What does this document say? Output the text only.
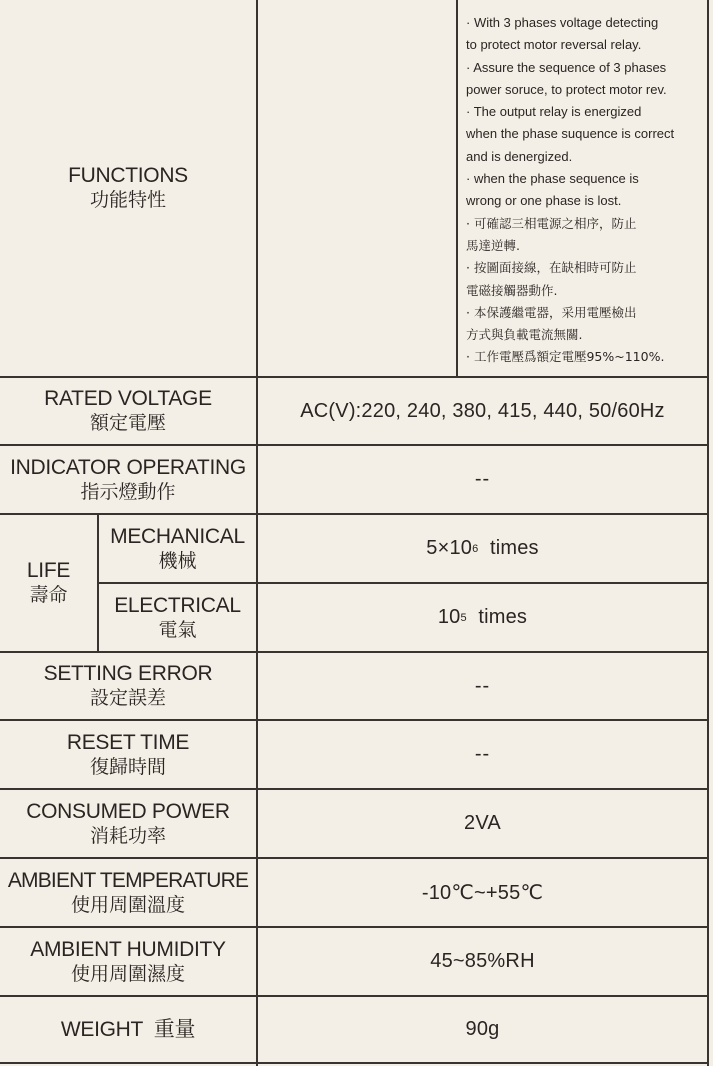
FUNCTIONS
功能特性

· With 3 phases voltage detecting

to protect motor reversal relay.

· Assure the sequence of 3 phases

power soruce, to protect motor rev.

· The output relay is energized

when the phase suquence is correct

and is denergized.

· when the phase sequence is

wrong or one phase is lost.

· 可確認三相電源之相序，防止

馬達逆轉.

· 按圖面接線，在缺相時可防止

電磁接觸器動作.

· 本保護繼電器，采用電壓檢出

方式與負載電流無關.

· 工作電壓爲額定電壓95%~110%.

RATED VOLTAGE
額定電壓
AC(V):220, 240, 380, 415, 440, 50/60Hz
INDICATOR OPERATING
指示燈動作
--
LIFE
壽命
MECHANICAL
機械
5×10 6
times
ELECTRICAL
電氣
10 5
times
SETTING ERROR
設定誤差
--
RESET TIME
復歸時間
--
CONSUMED POWER
消耗功率
2VA
AMBIENT TEMPERATURE
使用周圍溫度
-10℃~+55℃
AMBIENT HUMIDITY
使用周圍濕度
45~85%RH
WEIGHT  重量	90g
